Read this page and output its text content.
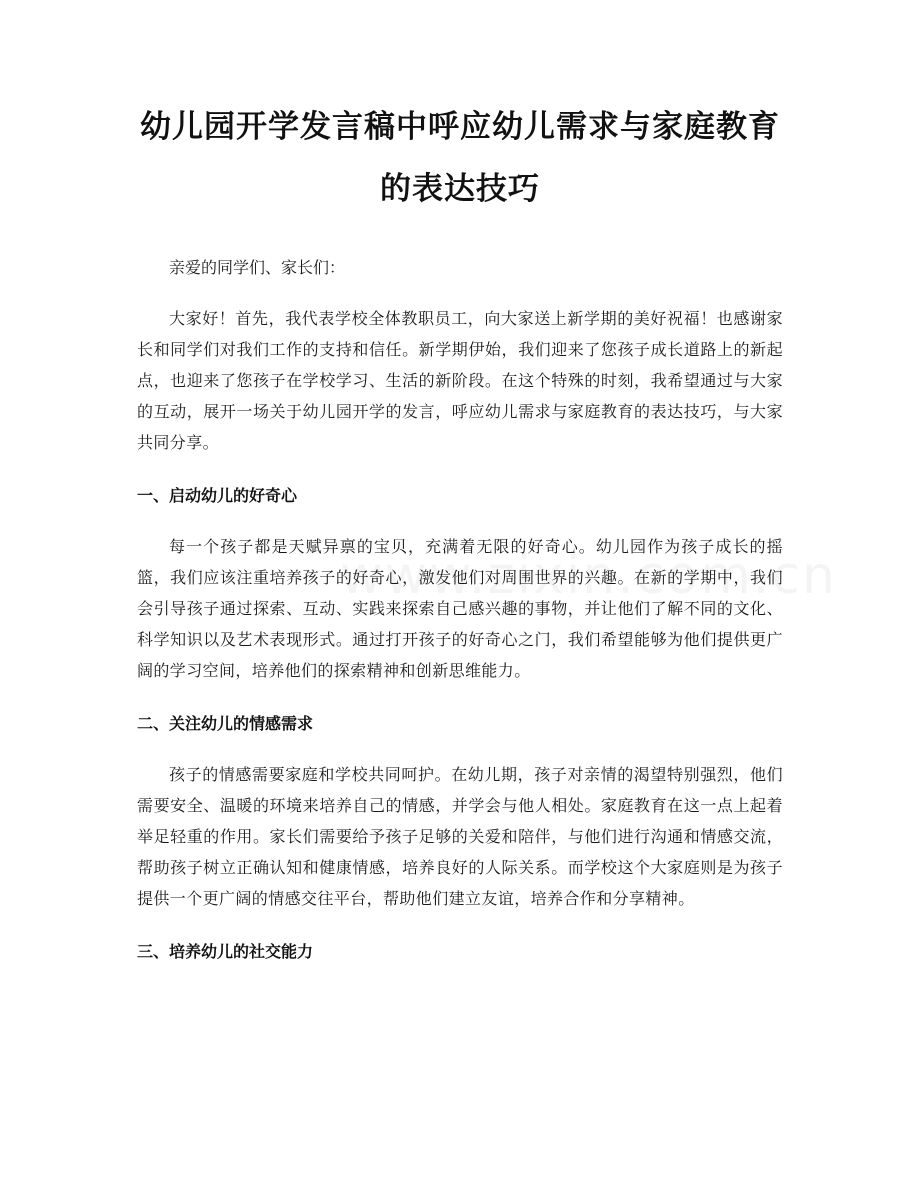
幼儿园开学发言稿中呼应幼儿需求与家庭教育的表达技巧

亲爱的同学们、家长们：

大家好！首先，我代表学校全体教职员工，向大家送上新学期的美好祝福！也感谢家长和同学们对我们工作的支持和信任。新学期伊始，我们迎来了您孩子成长道路上的新起点，也迎来了您孩子在学校学习、生活的新阶段。在这个特殊的时刻，我希望通过与大家的互动，展开一场关于幼儿园开学的发言，呼应幼儿需求与家庭教育的表达技巧，与大家共同分享。

一、启动幼儿的好奇心

每一个孩子都是天赋异禀的宝贝，充满着无限的好奇心。幼儿园作为孩子成长的摇篮，我们应该注重培养孩子的好奇心，激发他们对周围世界的兴趣。在新的学期中，我们会引导孩子通过探索、互动、实践来探索自己感兴趣的事物，并让他们了解不同的文化、科学知识以及艺术表现形式。通过打开孩子的好奇心之门，我们希望能够为他们提供更广阔的学习空间，培养他们的探索精神和创新思维能力。

二、关注幼儿的情感需求

孩子的情感需要家庭和学校共同呵护。在幼儿期，孩子对亲情的渴望特别强烈，他们需要安全、温暖的环境来培养自己的情感，并学会与他人相处。家庭教育在这一点上起着举足轻重的作用。家长们需要给予孩子足够的关爱和陪伴，与他们进行沟通和情感交流，帮助孩子树立正确认知和健康情感，培养良好的人际关系。而学校这个大家庭则是为孩子提供一个更广阔的情感交往平台，帮助他们建立友谊，培养合作和分享精神。

三、培养幼儿的社交能力
